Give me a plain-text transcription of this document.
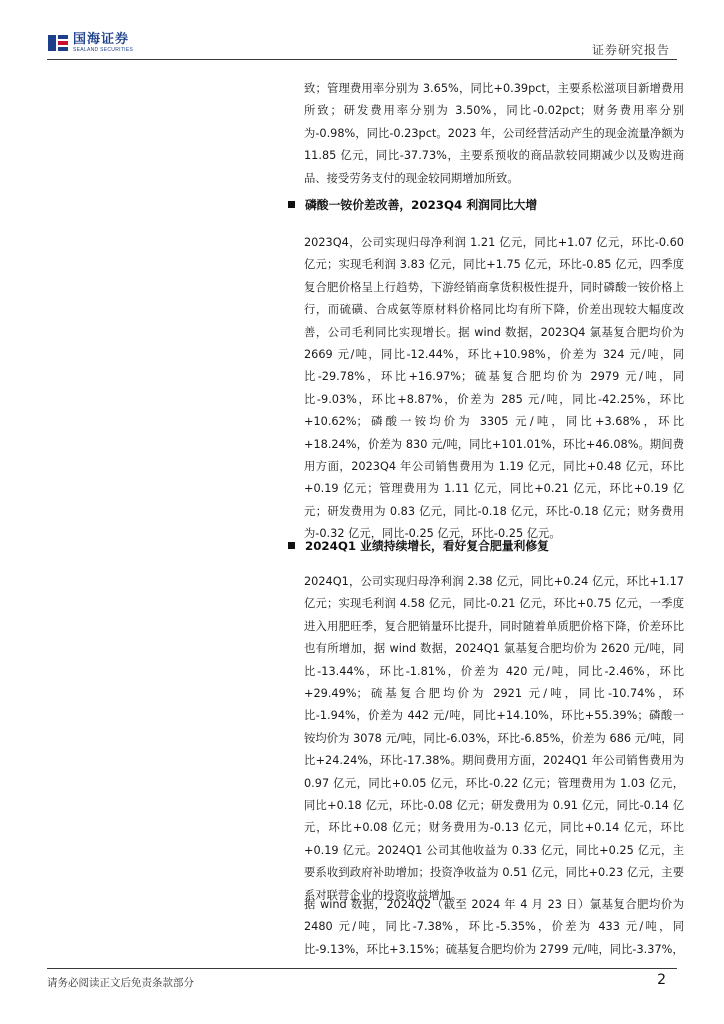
国海证券
SEALAND SECURITIES	证券研究报告

致；管理费用率分别为 3.65%，同比+0.39pct，主要系松滋项目新增费用所致；研发费用率分别为 3.50%，同比-0.02pct；财务费用率分别为-0.98%，同比-0.23pct。2023 年，公司经营活动产生的现金流量净额为 11.85 亿元，同比-37.73%，主要系预收的商品款较同期减少以及购进商品、接受劳务支付的现金较同期增加所致。

磷酸一铵价差改善，2023Q4 利润同比大增

2023Q4，公司实现归母净利润 1.21 亿元，同比+1.07 亿元，环比-0.60 亿元；实现毛利润 3.83 亿元，同比+1.75 亿元，环比-0.85 亿元，四季度复合肥价格呈上行趋势，下游经销商拿货积极性提升，同时磷酸一铵价格上行，而硫磺、合成氨等原材料价格同比均有所下降，价差出现较大幅度改善，公司毛利同比实现增长。据 wind 数据，2023Q4 氯基复合肥均价为 2669 元/吨，同比-12.44%，环比+10.98%，价差为 324 元/吨，同比-29.78%，环比+16.97%；硫基复合肥均价为 2979 元/吨，同比-9.03%，环比+8.87%，价差为 285 元/吨，同比-42.25%，环比+10.62%；磷酸一铵均价为 3305 元/吨，同比+3.68%，环比+18.24%，价差为 830 元/吨，同比+101.01%，环比+46.08%。期间费用方面，2023Q4 年公司销售费用为 1.19 亿元，同比+0.48 亿元，环比+0.19 亿元；管理费用为 1.11 亿元，同比+0.21 亿元，环比+0.19 亿元；研发费用为 0.83 亿元，同比-0.18 亿元，环比-0.18 亿元；财务费用为-0.32 亿元，同比-0.25 亿元，环比-0.25 亿元。

2024Q1 业绩持续增长，看好复合肥量利修复

2024Q1，公司实现归母净利润 2.38 亿元，同比+0.24 亿元，环比+1.17 亿元；实现毛利润 4.58 亿元，同比-0.21 亿元，环比+0.75 亿元，一季度进入用肥旺季，复合肥销量环比提升，同时随着单质肥价格下降，价差环比也有所增加，据 wind 数据，2024Q1 氯基复合肥均价为 2620 元/吨，同比-13.44%，环比-1.81%，价差为 420 元/吨，同比-2.46%，环比+29.49%；硫基复合肥均价为 2921 元/吨，同比-10.74%，环比-1.94%，价差为 442 元/吨，同比+14.10%，环比+55.39%；磷酸一铵均价为 3078 元/吨，同比-6.03%，环比-6.85%，价差为 686 元/吨，同比+24.24%，环比-17.38%。期间费用方面，2024Q1 年公司销售费用为 0.97 亿元，同比+0.05 亿元，环比-0.22 亿元；管理费用为 1.03 亿元，同比+0.18 亿元，环比-0.08 亿元；研发费用为 0.91 亿元，同比-0.14 亿元，环比+0.08 亿元；财务费用为-0.13 亿元，同比+0.14 亿元，环比+0.19 亿元。2024Q1 公司其他收益为 0.33 亿元，同比+0.25 亿元，主要系收到政府补助增加；投资净收益为 0.51 亿元，同比+0.23 亿元，主要系对联营企业的投资收益增加。

据 wind 数据，2024Q2（截至 2024 年 4 月 23 日）氯基复合肥均价为 2480 元/吨，同比-7.38%，环比-5.35%，价差为 433 元/吨，同比-9.13%，环比+3.15%；硫基复合肥均价为 2799 元/吨，同比-3.37%，

请务必阅读正文后免责条款部分	2
